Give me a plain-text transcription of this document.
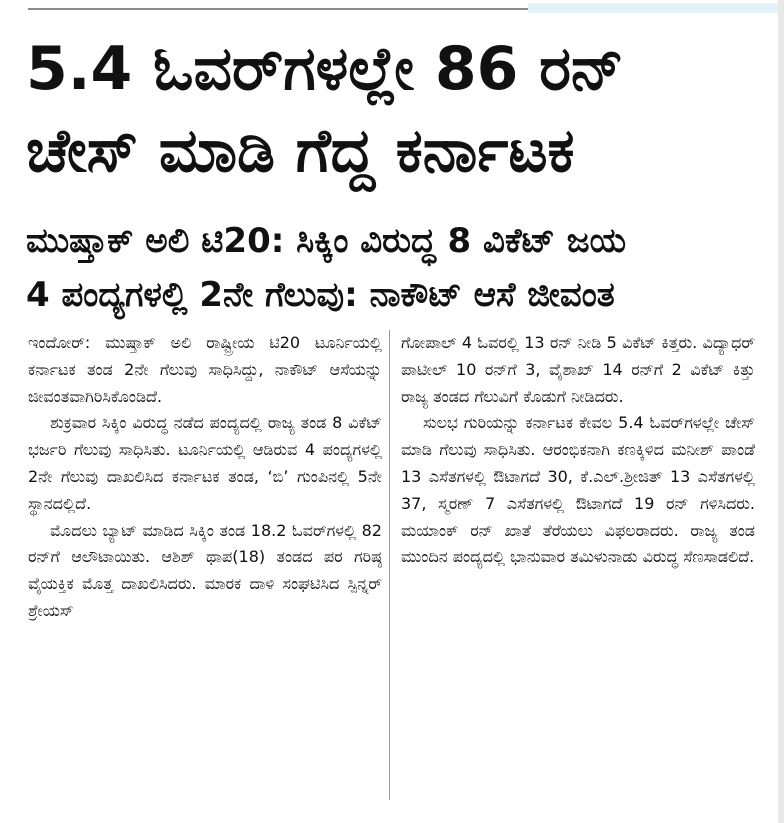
5.4 ಓವರ್‌ಗಳಲ್ಲೇ 86 ರನ್
ಚೇಸ್ ಮಾಡಿ ಗೆದ್ದ ಕರ್ನಾಟಕ
ಮುಷ್ತಾಕ್ ಅಲಿ ಟಿ20: ಸಿಕ್ಕಿಂ ವಿರುದ್ಧ 8 ವಿಕೆಟ್ ಜಯ
4 ಪಂದ್ಯಗಳಲ್ಲಿ 2ನೇ ಗೆಲುವು: ನಾಕೌಟ್ ಆಸೆ ಜೀವಂತ

ಇಂದೋರ್: ಮುಷ್ತಾಕ್ ಅಲಿ ರಾಷ್ಟ್ರೀಯ ಟಿ20 ಟೂರ್ನಿಯಲ್ಲಿ ಕರ್ನಾಟಕ ತಂಡ 2ನೇ ಗೆಲುವು ಸಾಧಿಸಿದ್ದು, ನಾಕೌಟ್ ಆಸೆಯನ್ನು ಜೀವಂತವಾಗಿರಿಸಿಕೊಂಡಿದೆ.

ಶುಕ್ರವಾರ ಸಿಕ್ಕಿಂ ವಿರುದ್ಧ ನಡೆದ ಪಂದ್ಯದಲ್ಲಿ ರಾಜ್ಯ ತಂಡ 8 ವಿಕೆಟ್ ಭರ್ಜರಿ ಗೆಲುವು ಸಾಧಿಸಿತು. ಟೂರ್ನಿಯಲ್ಲಿ ಆಡಿರುವ 4 ಪಂದ್ಯಗಳಲ್ಲಿ 2ನೇ ಗೆಲುವು ದಾಖಲಿಸಿದ ಕರ್ನಾಟಕ ತಂಡ, ‘ಬಿ’ ಗುಂಪಿನಲ್ಲಿ 5ನೇ ಸ್ಥಾನದಲ್ಲಿದೆ.

ಮೊದಲು ಬ್ಯಾಟ್ ಮಾಡಿದ ಸಿಕ್ಕಿಂ ತಂಡ 18.2 ಓವರ್‌ಗಳಲ್ಲಿ 82 ರನ್‌ಗೆ ಆಲೌಟಾಯಿತು. ಆಶಿಶ್ ಥಾಪ(18) ತಂಡದ ಪರ ಗರಿಷ್ಠ ವೈಯಕ್ತಿಕ ಮೊತ್ತ ದಾಖಲಿಸಿದರು. ಮಾರಕ ದಾಳಿ ಸಂಘಟಿಸಿದ ಸ್ಪಿನ್ನರ್ ಶ್ರೇಯಸ್

ಗೋಪಾಲ್ 4 ಓವರಲ್ಲಿ 13 ರನ್ ನೀಡಿ 5 ವಿಕೆಟ್ ಕಿತ್ತರು. ವಿದ್ಯಾಧರ್ ಪಾಟೀಲ್ 10 ರನ್‌ಗೆ 3, ವೈಶಾಖ್ 14 ರನ್‌ಗೆ 2 ವಿಕೆಟ್ ಕಿತ್ತು ರಾಜ್ಯ ತಂಡದ ಗೆಲುವಿಗೆ ಕೊಡುಗೆ ನೀಡಿದರು.

ಸುಲಭ ಗುರಿಯನ್ನು ಕರ್ನಾಟಕ ಕೇವಲ 5.4 ಓವರ್‌ಗಳಲ್ಲೇ ಚೇಸ್ ಮಾಡಿ ಗೆಲುವು ಸಾಧಿಸಿತು. ಆರಂಭಿಕನಾಗಿ ಕಣಕ್ಕಿಳಿದ ಮನೀಶ್ ಪಾಂಡೆ 13 ಎಸೆತಗಳಲ್ಲಿ ಔಟಾಗದೆ 30, ಕೆ.ಎಲ್.ಶ್ರೀಜಿತ್ 13 ಎಸೆತಗಳಲ್ಲಿ 37, ಸ್ಮರಣ್ 7 ಎಸೆತಗಳಲ್ಲಿ ಔಟಾಗದೆ 19 ರನ್ ಗಳಿಸಿದರು. ಮಯಾಂಕ್ ರನ್ ಖಾತೆ ತೆರೆಯಲು ವಿಫಲರಾದರು. ರಾಜ್ಯ ತಂಡ ಮುಂದಿನ ಪಂದ್ಯದಲ್ಲಿ ಭಾನುವಾರ ತಮಿಳುನಾಡು ವಿರುದ್ಧ ಸೆಣಸಾಡಲಿದೆ.
